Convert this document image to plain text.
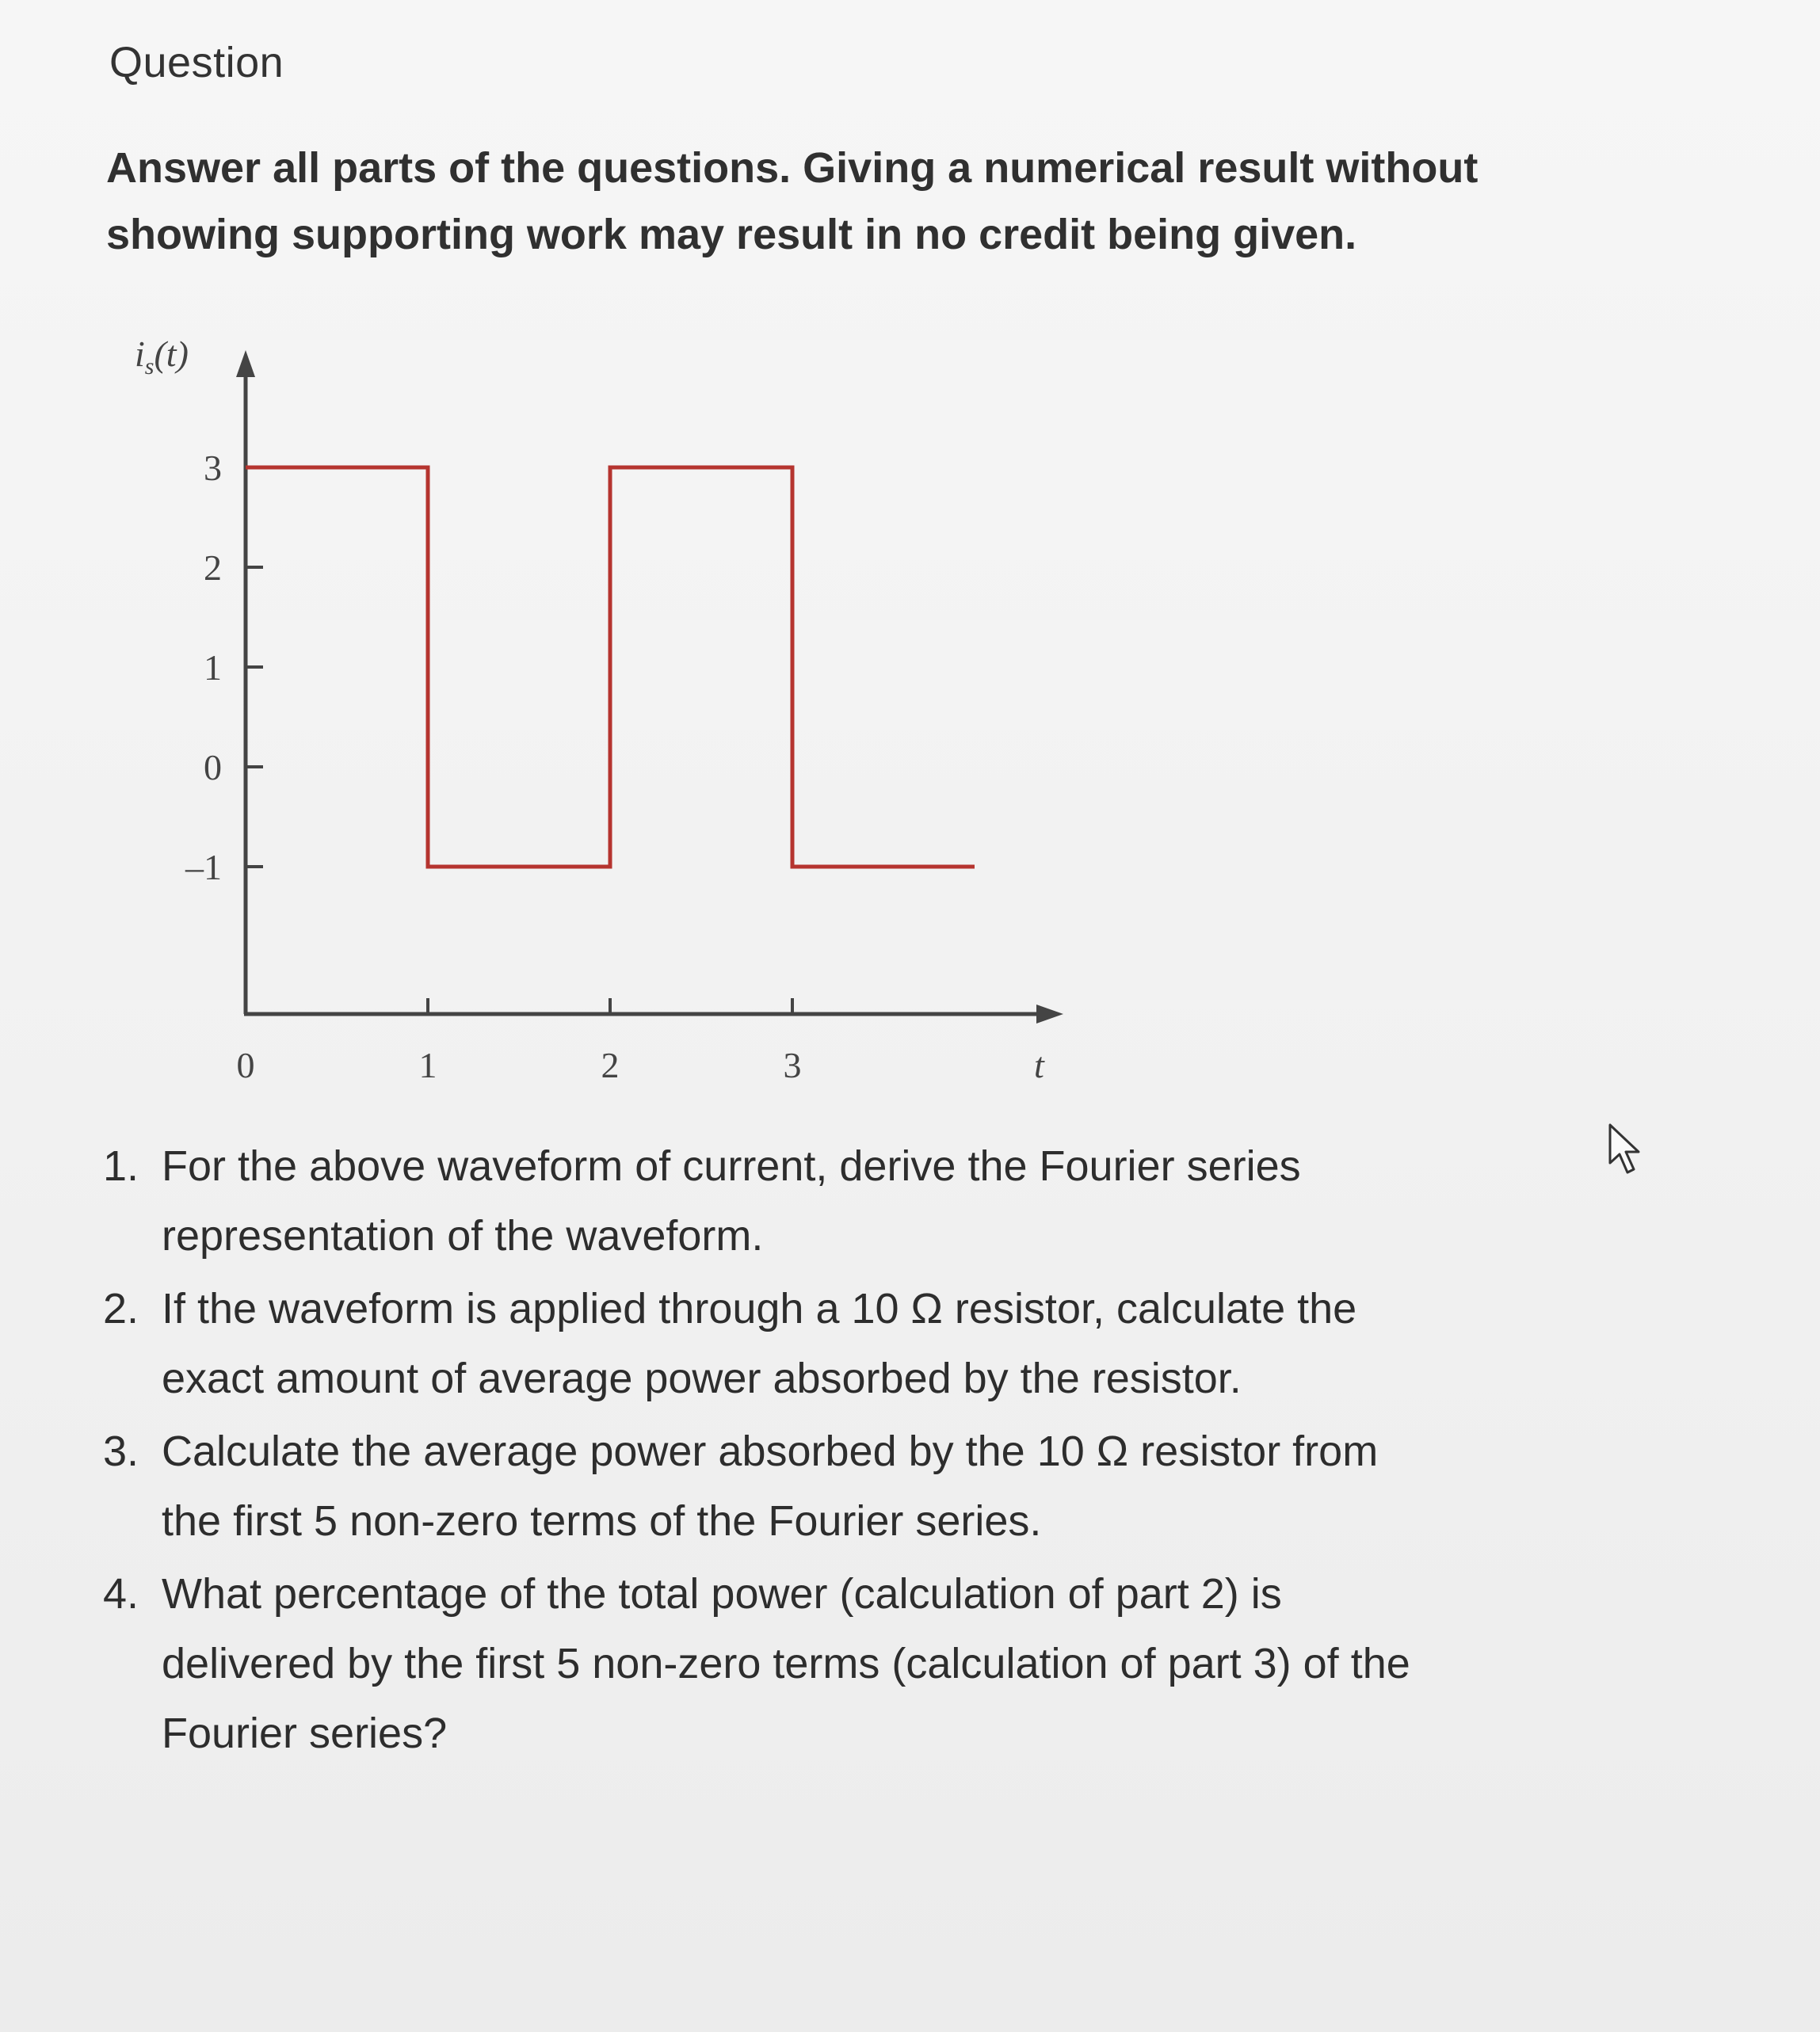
Question

Answer all parts of the questions. Giving a numerical result without
showing supporting work may result in no credit being given.

$i_s(t)$
t
3
2
1
0
–1
0	1	2	3
1. For the above waveform of current, derive the Fourier series
representation of the waveform.
2. If the waveform is applied through a 10 Ω resistor, calculate the
exact amount of average power absorbed by the resistor.
3. Calculate the average power absorbed by the 10 Ω resistor from
the first 5 non-zero terms of the Fourier series.
4. What percentage of the total power (calculation of part 2) is
delivered by the first 5 non-zero terms (calculation of part 3) of the
Fourier series?
